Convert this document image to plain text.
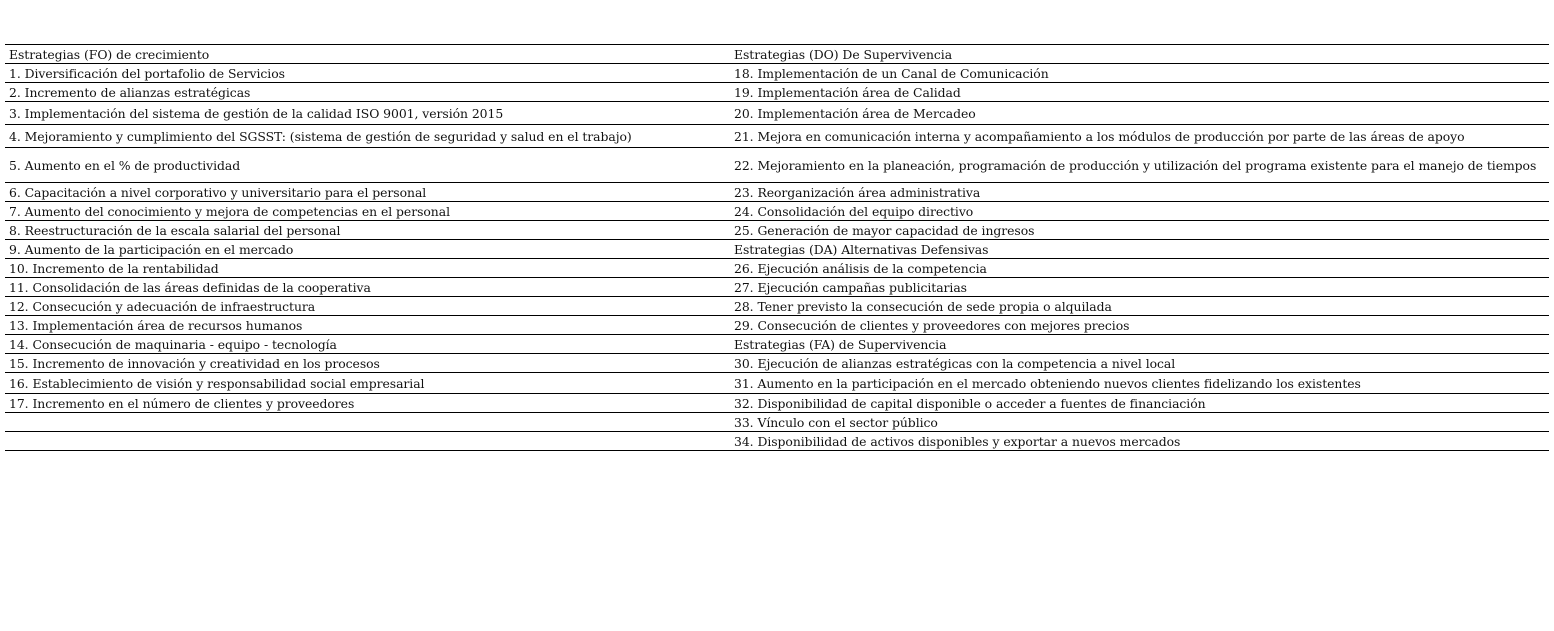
Estrategias (FO) de crecimiento	Estrategias (DO) De Supervivencia
1. Diversificación del portafolio de Servicios	18. Implementación de un Canal de Comunicación
2. Incremento de alianzas estratégicas	19. Implementación área de Calidad
3. Implementación del sistema de gestión de la calidad ISO 9001, versión 2015	20. Implementación área de Mercadeo
4. Mejoramiento y cumplimiento del SGSST: (sistema de gestión de seguridad y salud en el trabajo)	21. Mejora en comunicación interna y acompañamiento a los módulos de producción por parte de las áreas de apoyo
5. Aumento en el % de productividad	22. Mejoramiento en la planeación, programación de producción y utilización del programa existente para el manejo de tiempos
6. Capacitación a nivel corporativo y universitario para el personal	23. Reorganización área administrativa
7. Aumento del conocimiento y mejora de competencias en el personal	24. Consolidación del equipo directivo
8. Reestructuración de la escala salarial del personal	25. Generación de mayor capacidad de ingresos
9. Aumento de la participación en el mercado	Estrategias (DA) Alternativas Defensivas
10. Incremento de la rentabilidad	26. Ejecución análisis de la competencia
11. Consolidación de las áreas definidas de la cooperativa	27. Ejecución campañas publicitarias
12. Consecución y adecuación de infraestructura	28. Tener previsto la consecución de sede propia o alquilada
13. Implementación área de recursos humanos	29. Consecución de clientes y proveedores con mejores precios
14. Consecución de maquinaria - equipo - tecnología	Estrategias (FA) de Supervivencia
15. Incremento de innovación y creatividad en los procesos	30. Ejecución de alianzas estratégicas con la competencia a nivel local
16. Establecimiento de visión y responsabilidad social empresarial	31. Aumento en la participación en el mercado obteniendo nuevos clientes fidelizando los existentes
17. Incremento en el número de clientes y proveedores	32. Disponibilidad de capital disponible o acceder a fuentes de financiación
	33. Vínculo con el sector público
	34. Disponibilidad de activos disponibles y exportar a nuevos mercados
